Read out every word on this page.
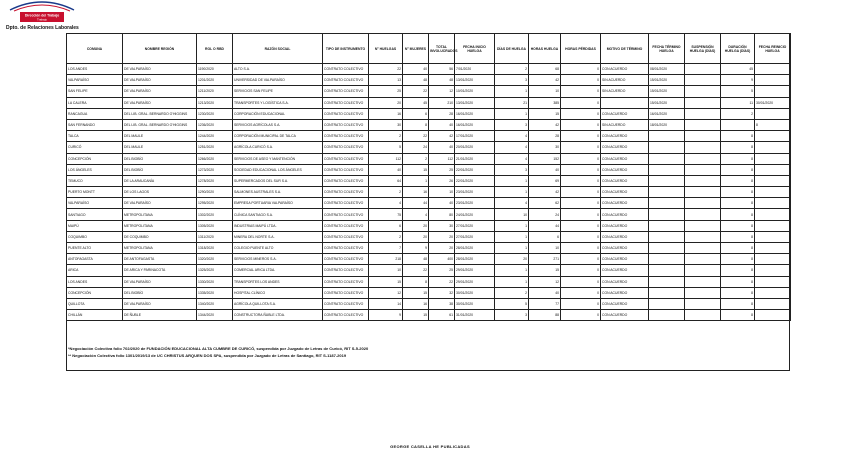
Dirección del Trabajo
Trabajo
Dpto. de Relaciones Laborales
COMUNA	NOMBRE REGIÓN	ROL O RBD	RAZÓN SOCIAL	TIPO DE INSTRUMENTO	N° HUELGAS	N° MUJERES	TOTAL INVOLUCRADOS	FECHA INICIO HUELGA	DÍAS DE HUELGA	HORAS HUELGA	HORAS PÉRDIDAS	MOTIVO DE TÉRMINO	FECHA TÉRMINO HUELGA	SUSPENSIÓN HUELGA (DÍAS)	DURACIÓN HUELGA (DÍAS)	FECHA REINICIO HUELGA
LOS ANDES	DE VALPARAÍSO	1190/2020	ALTO S.A.	CONTRATO COLECTIVO	22	40	56	7/01/2020	2	68	0	CON ACUERDO	08/01/2020		45	
VALPARAÍSO	DE VALPARAÍSO	1201/2020	UNIVERSIDAD DE VALPARAÍSO	CONTRATO COLECTIVO	13	48	48	13/01/2020	3	42	0	SIN ACUERDO	15/01/2020		9	
SAN FELIPE	DE VALPARAÍSO	1211/2020	SERVICIOS SAN FELIPE	CONTRATO COLECTIVO	25	22	12	10/01/2020	1	10	0	SIN ACUERDO	15/01/2020		5	
LA CALERA	DE VALPARAÍSO	1213/2020	TRANSPORTES Y LOGÍSTICA S.A.	CONTRATO COLECTIVO	20	45	210	13/01/2020	21	385	0		15/01/2020		11	30/01/2020
RANCAGUA	DEL LIB. GRAL. BERNARDO O'HIGGINS	1230/2020	CORPORACIÓN EDUCACIONAL	CONTRATO COLECTIVO	16	6	28	16/01/2020	1	15	0	CON ACUERDO	16/01/2020		2	
SAN FERNANDO	DEL LIB. GRAL. BERNARDO O'HIGGINS	1236/2020	SERVICIOS AGRÍCOLAS S.A.	CONTRATO COLECTIVO	30	8	40	16/01/2020	3	42	0	SIN ACUERDO	18/01/2020			8
TALCA	DEL MAULE	1244/2020	CORPORACIÓN MUNICIPAL DE TALCA	CONTRATO COLECTIVO	2	22	42	17/01/2020	4	28	0	CON ACUERDO			8	
CURICÓ	DEL MAULE	1251/2020	AGRÍCOLA CURICÓ S.A.	CONTRATO COLECTIVO	5	24	40	20/01/2020	4	30	0	CON ACUERDO			8	
CONCEPCIÓN	DEL BIOBÍO	1266/2020	SERVICIOS DE ASEO Y MANTENCIÓN	CONTRATO COLECTIVO	112	2	112	21/01/2020	4	152	0	CON ACUERDO			8	
LOS ÁNGELES	DEL BIOBÍO	1273/2020	SOCIEDAD EDUCACIONAL LOS ÁNGELES	CONTRATO COLECTIVO	40	15	25	22/01/2020	3	40	0	CON ACUERDO			8	
TEMUCO	DE LA ARAUCANÍA	1278/2020	SUPERMERCADOS DEL SUR S.A.	CONTRATO COLECTIVO	64	1	26	22/01/2020	1	69	0	CON ACUERDO			8	
PUERTO MONTT	DE LOS LAGOS	1290/2020	SALMONES AUSTRALES S.A.	CONTRATO COLECTIVO	2	16	10	23/01/2020	1	42	0	CON ACUERDO			8	
VALPARAÍSO	DE VALPARAÍSO	1295/2020	EMPRESA PORTUARIA VALPARAÍSO	CONTRATO COLECTIVO	4	44	40	23/01/2020	4	62	0	CON ACUERDO			8	
SANTIAGO	METROPOLITANA	1302/2020	CLÍNICA SANTIAGO S.A.	CONTRATO COLECTIVO	75	4	80	24/01/2020	10	24	0	CON ACUERDO			8	
MAIPÚ	METROPOLITANA	1305/2020	INDUSTRIAS MAIPÚ LTDA.	CONTRATO COLECTIVO	6	20	30	27/01/2020	1	44	0	CON ACUERDO			8	
COQUIMBO	DE COQUIMBO	1311/2020	MINERA DEL NORTE S.A.	CONTRATO COLECTIVO	2	20	20	27/01/2020	1	6	0	CON ACUERDO			8	
PUENTE ALTO	METROPOLITANA	1318/2020	COLEGIO PUENTE ALTO	CONTRATO COLECTIVO	7	9	20	28/01/2020	1	10	0	CON ACUERDO			8	
ANTOFAGASTA	DE ANTOFAGASTA	1320/2020	SERVICIOS MINEROS S.A.	CONTRATO COLECTIVO	218	48	400	28/01/2020	20	271	0	CON ACUERDO			8	
ARICA	DE ARICA Y PARINACOTA	1325/2020	COMERCIAL ARICA LTDA.	CONTRATO COLECTIVO	10	22	25	29/01/2020	1	15	0	CON ACUERDO			8	
LOS ANDES	DE VALPARAÍSO	1330/2020	TRANSPORTES LOS ANDES	CONTRATO COLECTIVO	15	8	22	29/01/2020	1	12	0	CON ACUERDO			8	
CONCEPCIÓN	DEL BIOBÍO	1335/2020	HOSPITAL CLÍNICO	CONTRATO COLECTIVO	12	15	32	30/01/2020	2	40	0	CON ACUERDO			8	
QUILLOTA	DE VALPARAÍSO	1340/2020	AGRÍCOLA QUILLOTA S.A.	CONTRATO COLECTIVO	14	16	38	30/01/2020	5	77	0	CON ACUERDO			8	
CHILLÁN	DE ÑUBLE	1344/2020	CONSTRUCTORA ÑUBLE LTDA.	CONTRATO COLECTIVO	9	15	61	31/01/2020	3	88	0	CON ACUERDO			8	
*Negociación Colectiva folio 702/2020 de FUNDACIÓN EDUCACIONAL ALTA CUMBRE DE CURICÓ, suspendida por Juzgado de Letras de Curicó, RIT S-5-2020
** Negociación Colectiva folio 1301/2019/13 de UC CHRISTUS ARQUEN DOS SPA, suspendida por Juzgado de Letras de Santiago, RIT S-1187-2019
GEORGE CASELLA HE PUBLICADAS
